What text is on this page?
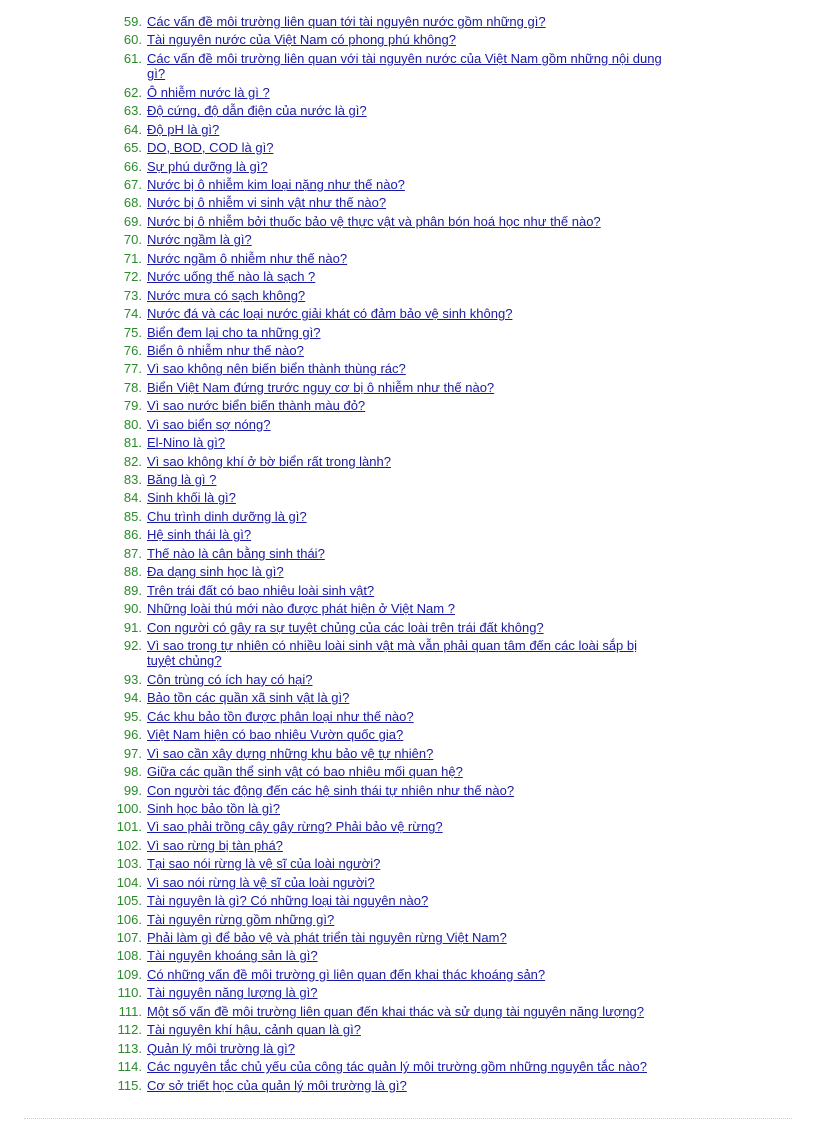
59. Các vấn đề môi trường liên quan tới tài nguyên nước gồm những gì?
60. Tài nguyên nước của Việt Nam có phong phú không?
61. Các vấn đề môi trường liên quan với tài nguyên nước của Việt Nam gồm những nội dung gì?
62. Ô nhiễm nước là gì ?
63. Độ cứng, độ dẫn điện của nước là gì?
64. Độ pH là gì?
65. DO, BOD, COD là gì?
66. Sự phú dưỡng là gì?
67. Nước bị ô nhiễm kim loại nặng như thế nào?
68. Nước bị ô nhiễm vi sinh vật như thế nào?
69. Nước bị ô nhiễm bởi thuốc bảo vệ thực vật và phân bón hoá học như thế nào?
70. Nước ngầm là gì?
71. Nước ngầm ô nhiễm như thế nào?
72. Nước uống thế nào là sạch ?
73. Nước mưa có sạch không?
74. Nước đá và các loại nước giải khát có đảm bảo vệ sinh không?
75. Biển đem lại cho ta những gì?
76. Biển ô nhiễm như thế nào?
77. Vì sao không nên biến biển thành thùng rác?
78. Biển Việt Nam đứng trước nguy cơ bị ô nhiễm như thế nào?
79. Vì sao nước biển biến thành màu đỏ?
80. Vì sao biển sợ nóng?
81. El-Nino là gì?
82. Vì sao không khí ở bờ biển rất trong lành?
83. Băng là gì ?
84. Sinh khối là gì?
85. Chu trình dinh dưỡng là gì?
86. Hệ sinh thái là gì?
87. Thế nào là cân bằng sinh thái?
88. Đa dạng sinh học là gì?
89. Trên trái đất có bao nhiêu loài sinh vật?
90. Những loài thú mới nào được phát hiện ở Việt Nam ?
91. Con người có gây ra sự tuyệt chủng của các loài trên trái đất không?
92. Vì sao trong tự nhiên có nhiều loài sinh vật mà vẫn phải quan tâm đến các loài sắp bị tuyệt chủng?
93. Côn trùng có ích hay có hại?
94. Bảo tồn các quần xã sinh vật là gì?
95. Các khu bảo tồn được phân loại như thế nào?
96. Việt Nam hiện có bao nhiêu Vườn quốc gia?
97. Vì sao cần xây dựng những khu bảo vệ tự nhiên?
98. Giữa các quần thể sinh vật có bao nhiêu mối quan hệ?
99. Con người tác động đến các hệ sinh thái tự nhiên như thế nào?
100. Sinh học bảo tồn là gì?
101. Vì sao phải trồng cây gây rừng? Phải bảo vệ rừng?
102. Vì sao rừng bị tàn phá?
103. Tại sao nói rừng là vệ sĩ của loài người?
104. Vì sao nói rừng là vệ sĩ của loài người?
105. Tài nguyên là gì? Có những loại tài nguyên nào?
106. Tài nguyên rừng gồm những gì?
107. Phải làm gì để bảo vệ và phát triển tài nguyên rừng Việt Nam?
108. Tài nguyên khoáng sản là gì?
109. Có những vấn đề môi trường gì liên quan đến khai thác khoáng sản?
110. Tài nguyên năng lượng là gì?
111. Một số vấn đề môi trường liên quan đến khai thác và sử dụng tài nguyên năng lượng?
112. Tài nguyên khí hậu, cảnh quan là gì?
113. Quản lý môi trường là gì?
114. Các nguyên tắc chủ yếu của công tác quản lý môi trường gồm những nguyên tắc nào?
115. Cơ sở triết học của quản lý môi trường là gì?
